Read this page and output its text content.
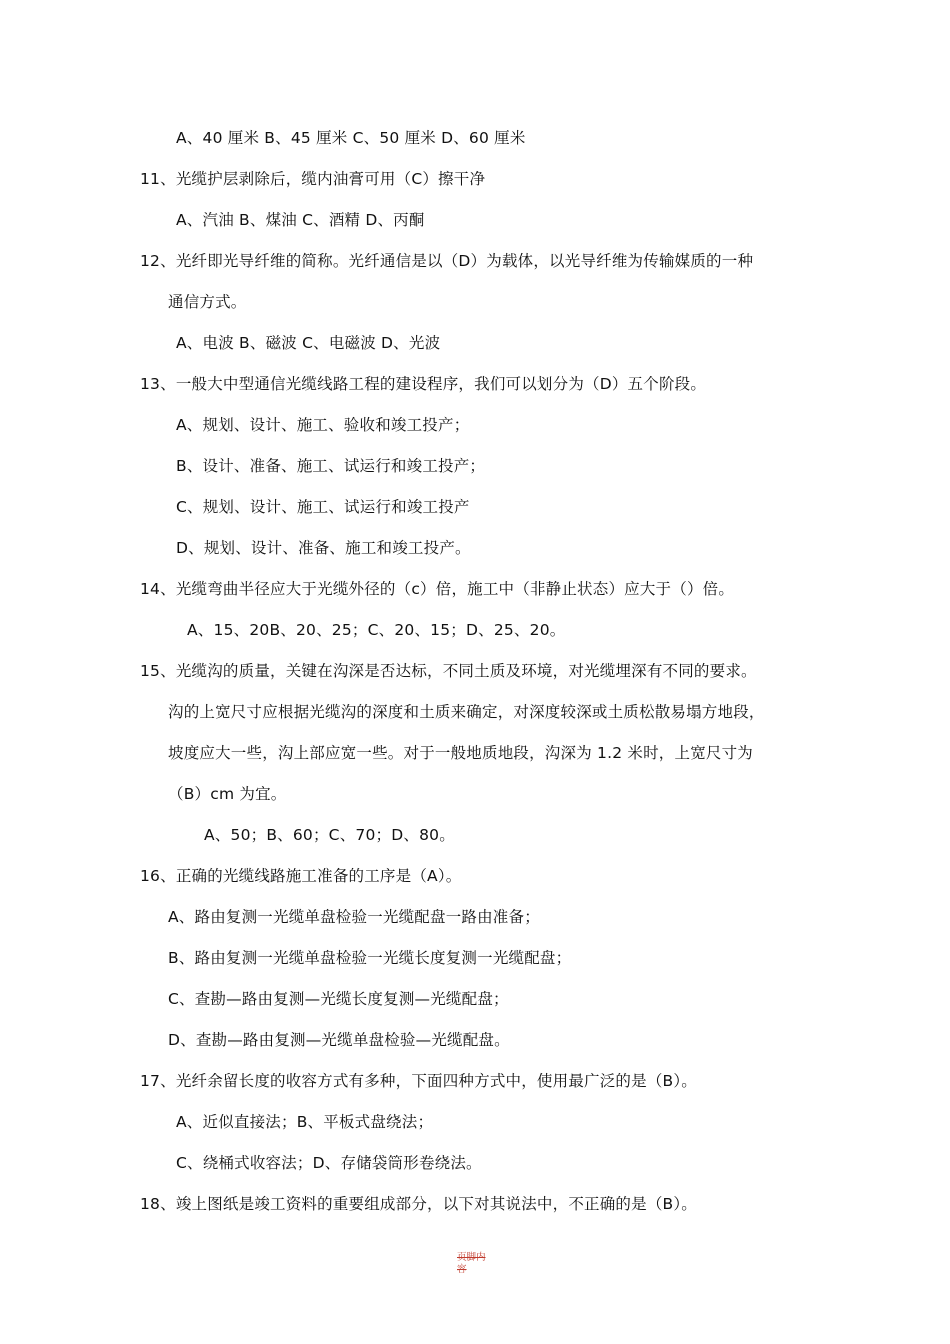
A、40 厘米 B、45 厘米 C、50 厘米 D、60 厘米
11、光缆护层剥除后，缆内油膏可用（C）擦干净
A、汽油 B、煤油 C、酒精 D、丙酮
12、光纤即光导纤维的简称。光纤通信是以（D）为载体，以光导纤维为传输媒质的一种
通信方式。
A、电波 B、磁波 C、电磁波 D、光波
13、一般大中型通信光缆线路工程的建设程序，我们可以划分为（D）五个阶段。
A、规划、设计、施工、验收和竣工投产；
B、设计、准备、施工、试运行和竣工投产；
C、规划、设计、施工、试运行和竣工投产
D、规划、设计、准备、施工和竣工投产。
14、光缆弯曲半径应大于光缆外径的（c）倍，施工中（非静止状态）应大于（）倍。
A、15、20B、20、25；C、20、15；D、25、20。
15、光缆沟的质量，关键在沟深是否达标，不同土质及环境，对光缆埋深有不同的要求。
沟的上宽尺寸应根据光缆沟的深度和土质来确定，对深度较深或土质松散易塌方地段，
坡度应大一些，沟上部应宽一些。对于一般地质地段，沟深为 1.2 米时，上宽尺寸为
（B）cm 为宜。
A、50；B、60；C、70；D、80。
16、正确的光缆线路施工准备的工序是（A）。
A、路由复测一光缆单盘检验一光缆配盘一路由准备；
B、路由复测一光缆单盘检验一光缆长度复测一光缆配盘；
C、查勘—路由复测—光缆长度复测—光缆配盘；
D、查勘—路由复测—光缆单盘检验—光缆配盘。
17、光纤余留长度的收容方式有多种，下面四种方式中，使用最广泛的是（B）。
A、近似直接法；B、平板式盘绕法；
C、绕桶式收容法；D、存储袋筒形卷绕法。
18、竣上图纸是竣工资料的重要组成部分，以下对其说法中，不正确的是（B）。
页脚内容
